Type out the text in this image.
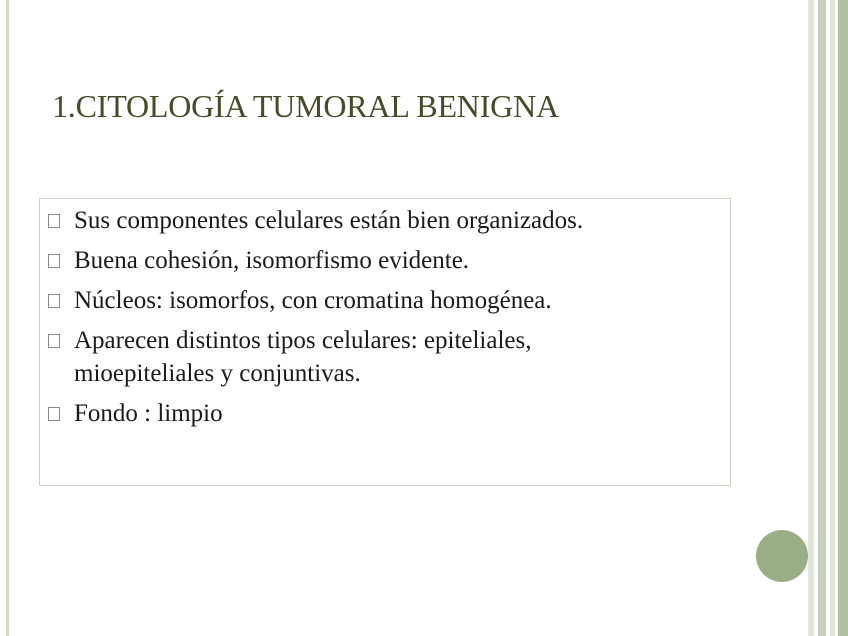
1.CITOLOGÍA TUMORAL BENIGNA
Sus componentes celulares están bien organizados.
Buena cohesión, isomorfismo evidente.
Núcleos: isomorfos, con cromatina homogénea.
Aparecen distintos tipos celulares: epiteliales, mioepiteliales y conjuntivas.
Fondo : limpio
